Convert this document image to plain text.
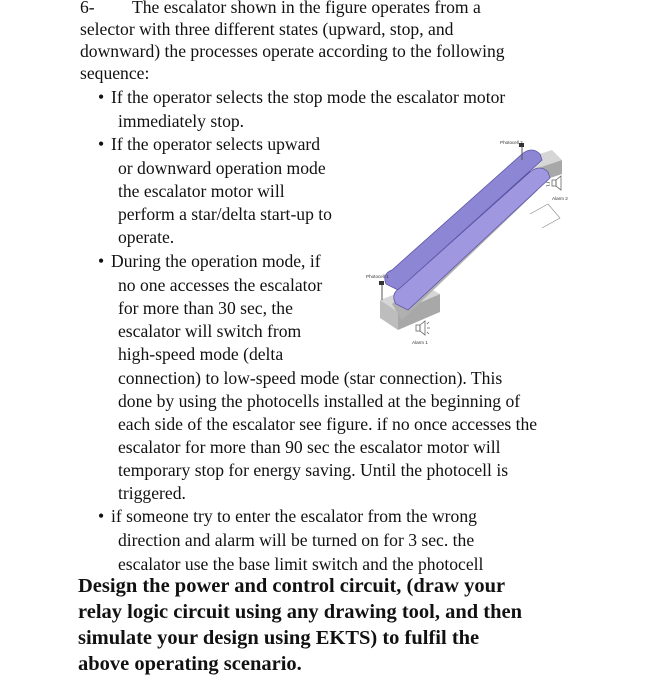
6- The escalator shown in the figure operates from a

selector with three different states (upward, stop, and

downward) the processes operate according to the following

sequence:

• If the operator selects the stop mode the escalator motor

immediately stop.

• If the operator selects upward

or downward operation mode

the escalator motor will

perform a star/delta start-up to

operate.

• During the operation mode, if

no one accesses the escalator

for more than 30 sec, the

escalator will switch from

high-speed mode (delta

connection) to low-speed mode (star connection). This

done by using the photocells installed at the beginning of

each side of the escalator see figure. if no once accesses the

escalator for more than 90 sec the escalator motor will

temporary stop for energy saving. Until the photocell is

triggered.

• if someone try to enter the escalator from the wrong

direction and alarm will be turned on for 3 sec. the

escalator use the base limit switch and the photocell

Design the power and control circuit, (draw your

relay logic circuit using any drawing tool, and then

simulate your design using EKTS) to fulfil the

above operating scenario.

Photocell 1
Photocell 2
Alarm 1
Alarm 2
